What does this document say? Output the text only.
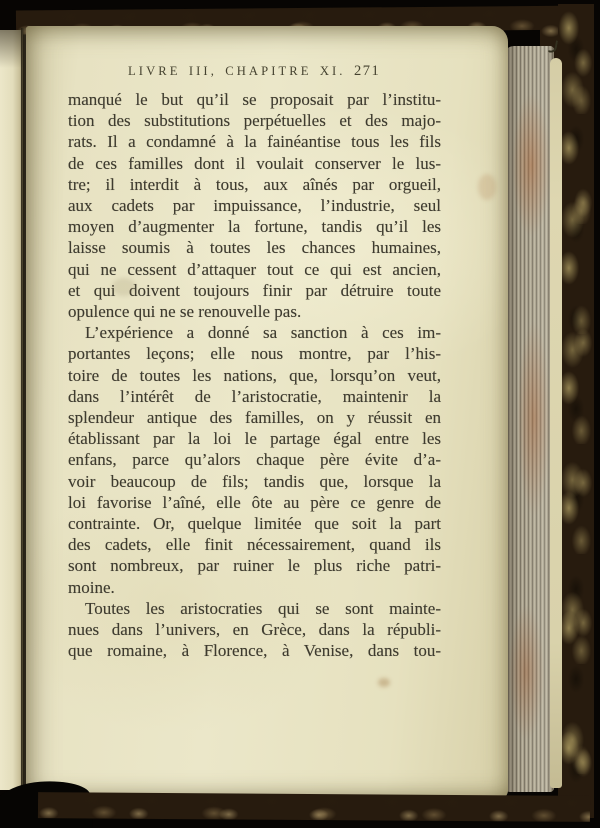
LIVRE III, CHAPITRE XI. 271
manqué le but qu’il se proposait par l’institu-
tion des substitutions perpétuelles et des majo-
rats. Il a condamné à la fainéantise tous les fils
de ces familles dont il voulait conserver le lus-
tre; il interdit à tous, aux aînés par orgueil,
aux cadets par impuissance, l’industrie, seul
moyen d’augmenter la fortune, tandis qu’il les
laisse soumis à toutes les chances humaines,
qui ne cessent d’attaquer tout ce qui est ancien,
et qui doivent toujours finir par détruire toute
opulence qui ne se renouvelle pas.
L’expérience a donné sa sanction à ces im-
portantes leçons; elle nous montre, par l’his-
toire de toutes les nations, que, lorsqu’on veut,
dans l’intérêt de l’aristocratie, maintenir la
splendeur antique des familles, on y réussit en
établissant par la loi le partage égal entre les
enfans, parce qu’alors chaque père évite d’a-
voir beaucoup de fils; tandis que, lorsque la
loi favorise l’aîné, elle ôte au père ce genre de
contrainte. Or, quelque limitée que soit la part
des cadets, elle finit nécessairement, quand ils
sont nombreux, par ruiner le plus riche patri-
moine.
Toutes les aristocraties qui se sont mainte-
nues dans l’univers, en Grèce, dans la républi-
que romaine, à Florence, à Venise, dans tou-
